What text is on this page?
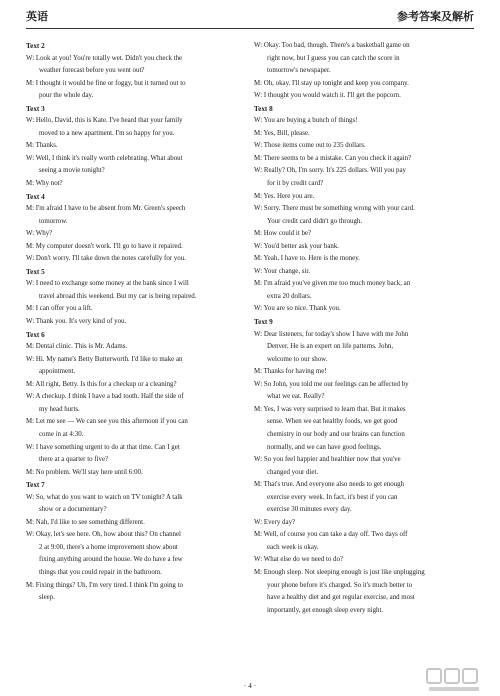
英语	参考答案及解析
Text 2
W: Look at you! You're totally wet. Didn't you check the
weather forecast before you went out?
M: I thought it would be fine or foggy, but it turned out to
pour the whole day.
Text 3
W: Hello, David, this is Kate. I've heard that your family
moved to a new apartment. I'm so happy for you.
M: Thanks.
W: Well, I think it's really worth celebrating. What about
seeing a movie tonight?
M: Why not?
Text 4
M: I'm afraid I have to be absent from Mr. Green's speech
tomorrow.
W: Why?
M: My computer doesn't work. I'll go to have it repaired.
W: Don't worry. I'll take down the notes carefully for you.
Text 5
W: I need to exchange some money at the bank since I will
travel abroad this weekend. But my car is being repaired.
M: I can offer you a lift.
W: Thank you. It's very kind of you.
Text 6
M: Dental clinic. This is Mr. Adams.
W: Hi. My name's Betty Butterworth. I'd like to make an
appointment.
M: All right, Betty. Is this for a checkup or a cleaning?
W: A checkup. I think I have a bad tooth. Half the side of
my head hurts.
M: Let me see — We can see you this afternoon if you can
come in at 4:30.
W: I have something urgent to do at that time. Can I get
there at a quarter to five?
M: No problem. We'll stay here until 6:00.
Text 7
W: So, what do you want to watch on TV tonight? A talk
show or a documentary?
M: Nah, I'd like to see something different.
W: Okay, let's see here. Oh, how about this? On channel
2 at 9:00, there's a home improvement show about
fixing anything around the house. We do have a few
things that you could repair in the bathroom.
M: Fixing things? Uh, I'm very tired. I think I'm going to
sleep.
W: Okay. Too bad, though. There's a basketball game on
right now, but I guess you can catch the score in
tomorrow's newspaper.
M: Oh, okay. I'll stay up tonight and keep you company.
W: I thought you would watch it. I'll get the popcorn.
Text 8
W: You are buying a bunch of things!
M: Yes, Bill, please.
W: Those items come out to 235 dollars.
M: There seems to be a mistake. Can you check it again?
W: Really? Oh, I'm sorry. It's 225 dollars. Will you pay
for it by credit card?
M: Yes. Here you are.
W: Sorry. There must be something wrong with your card.
Your credit card didn't go through.
M: How could it be?
W: You'd better ask your bank.
M: Yeah, I have to. Here is the money.
W: Your change, sir.
M: I'm afraid you've given me too much money back, an
extra 20 dollars.
W: You are so nice. Thank you.
Text 9
W: Dear listeners, for today's show I have with me John
Denver. He is an expert on life patterns. John,
welcome to our show.
M: Thanks for having me!
W: So John, you told me our feelings can be affected by
what we eat. Really?
M: Yes, I was very surprised to learn that. But it makes
sense. When we eat healthy foods, we get good
chemistry in our body and our brains can function
normally, and we can have good feelings.
W: So you feel happier and healthier now that you've
changed your diet.
M: That's true. And everyone also needs to get enough
exercise every week. In fact, it's best if you can
exercise 30 minutes every day.
W: Every day?
M: Well, of course you can take a day off. Two days off
each week is okay.
W: What else do we need to do?
M: Enough sleep. Not sleeping enough is just like unplugging
your phone before it's charged. So it's much better to
have a healthy diet and get regular exercise, and most
importantly, get enough sleep every night.
· 4 ·
